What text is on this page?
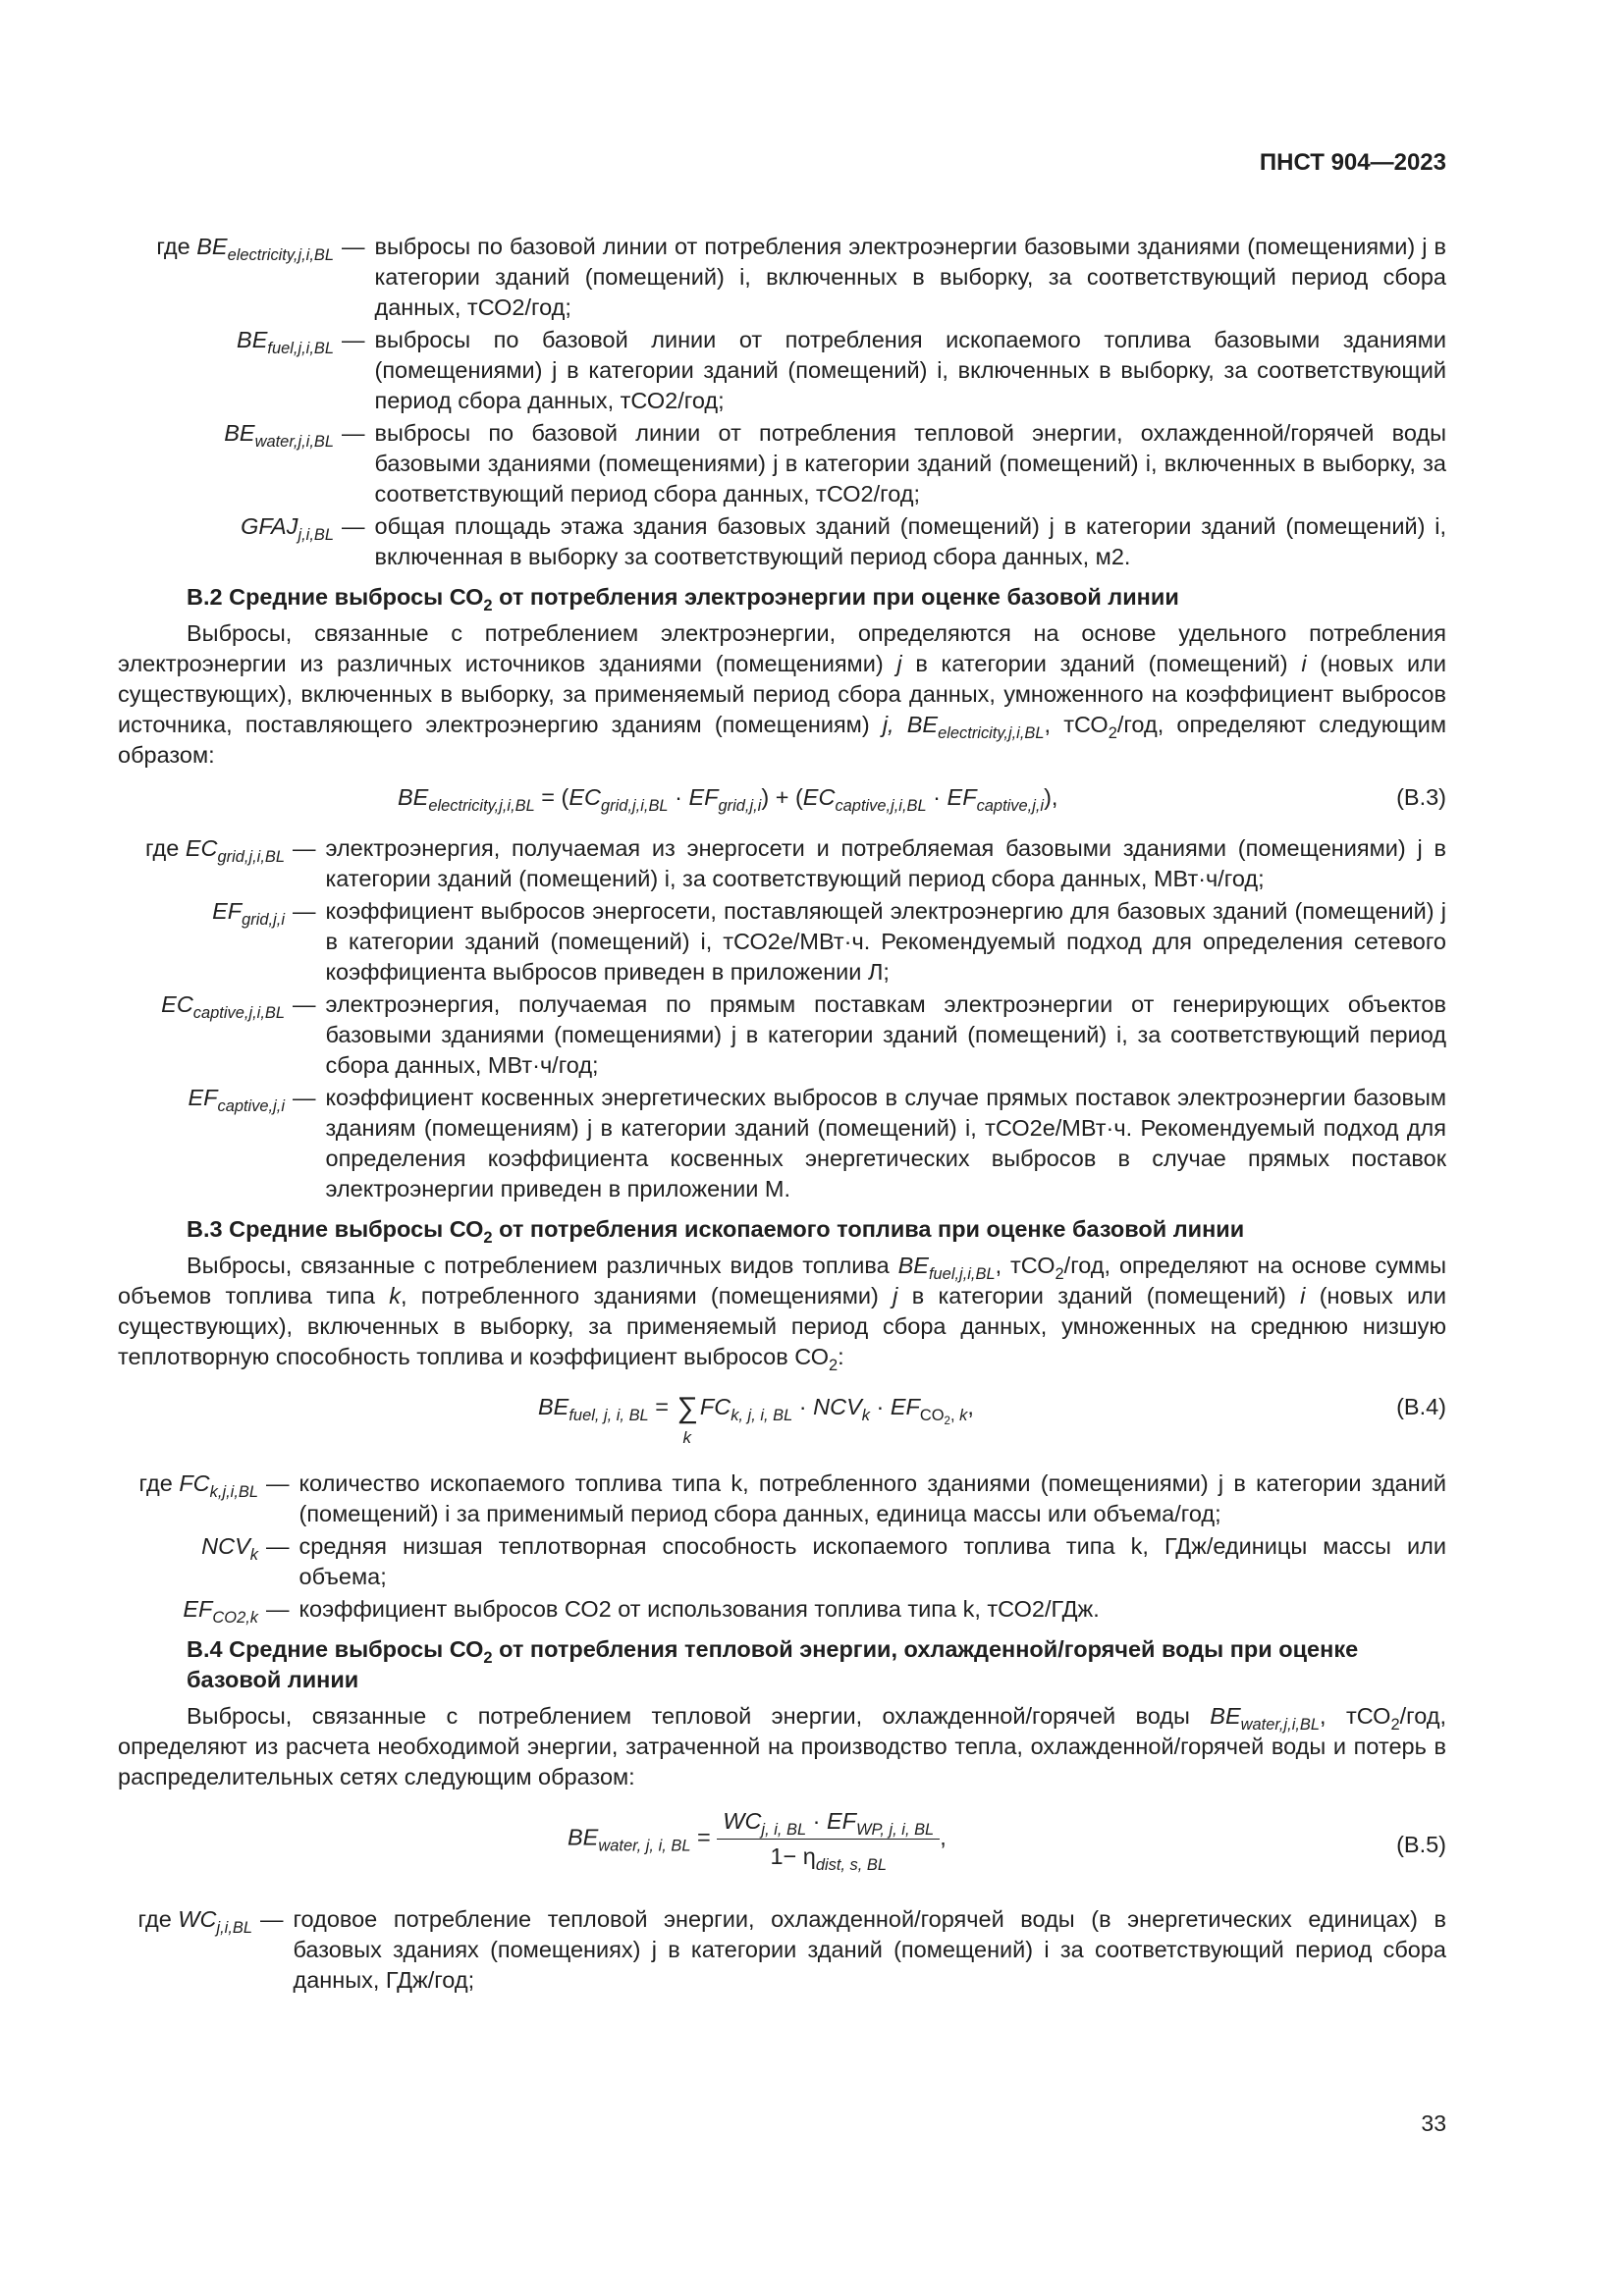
ПНСТ 904—2023
где $BE_{electricity,j,i,BL}$ — выбросы по базовой линии от потребления электроэнергии базовыми зданиями (помещениями) j в категории зданий (помещений) i, включенных в выборку, за соответствующий период сбора данных, тСО2/год;
$BE_{fuel,j,i,BL}$ — выбросы по базовой линии от потребления ископаемого топлива базовыми зданиями (помещениями) j в категории зданий (помещений) i, включенных в выборку, за соответствующий период сбора данных, тСО2/год;
$BE_{water,j,i,BL}$ — выбросы по базовой линии от потребления тепловой энергии, охлажденной/горячей воды базовыми зданиями (помещениями) j в категории зданий (помещений) i, включенных в выборку, за соответствующий период сбора данных, тСО2/год;
$GFAJ_{j,i,BL}$ — общая площадь этажа здания базовых зданий (помещений) j в категории зданий (помещений) i, включенная в выборку за соответствующий период сбора данных, м2.
В.2 Средние выбросы $СО_2$ от потребления электроэнергии при оценке базовой линии

Выбросы, связанные с потреблением электроэнергии, определяются на основе удельного потребления электроэнергии из различных источников зданиями (помещениями) j в категории зданий (помещений) i (новых или существующих), включенных в выборку, за применяемый период сбора данных, умноженного на коэффициент выбросов источника, поставляющего электроэнергию зданиям (помещениям) j, $BE_{electricity,j,i,BL}$, тСО$_2$/год, определяют следующим образом:

$BE_{electricity,j,i,BL} = (EC_{grid,j,i,BL} \cdot EF_{grid,j,i}) + (EC_{captive,j,i,BL} \cdot EF_{captive,j,i})$,	(В.3)
где $EC_{grid,j,i,BL}$ — электроэнергия, получаемая из энергосети и потребляемая базовыми зданиями (помещениями) j в категории зданий (помещений) i, за соответствующий период сбора данных, МВт·ч/год;
$EF_{grid,j,i}$ — коэффициент выбросов энергосети, поставляющей электроэнергию для базовых зданий (помещений) j в категории зданий (помещений) i, тСО2е/МВт·ч. Рекомендуемый подход для определения сетевого коэффициента выбросов приведен в приложении Л;
$EC_{captive,j,i,BL}$ — электроэнергия, получаемая по прямым поставкам электроэнергии от генерирующих объектов базовыми зданиями (помещениями) j в категории зданий (помещений) i, за соответствующий период сбора данных, МВт·ч/год;
$EF_{captive,j,i}$ — коэффициент косвенных энергетических выбросов в случае прямых поставок электроэнергии базовым зданиям (помещениям) j в категории зданий (помещений) i, тСО2е/МВт·ч. Рекомендуемый подход для определения коэффициента косвенных энергетических выбросов в случае прямых поставок электроэнергии приведен в приложении М.
В.3 Средние выбросы $СО_2$ от потребления ископаемого топлива при оценке базовой линии

Выбросы, связанные с потреблением различных видов топлива $BE_{fuel,j,i,BL}$, тСО$_2$/год, определяют на основе суммы объемов топлива типа k, потребленного зданиями (помещениями) j в категории зданий (помещений) i (новых или существующих), включенных в выборку, за применяемый период сбора данных, умноженных на среднюю низшую теплотворную способность топлива и коэффициент выбросов $СО_2$:

$BE_{fuel, j, i, BL}$ = ∑
k
$FC_{k, j, i, BL} \cdot NCV_k \cdot EF_{CO_2, k}$,	(В.4)
где $FC_{k,j,i,BL}$ — количество ископаемого топлива типа k, потребленного зданиями (помещениями) j в категории зданий (помещений) i за применимый период сбора данных, единица массы или объема/год;
$NCV_k$ — средняя низшая теплотворная способность ископаемого топлива типа k, ГДж/единицы массы или объема;
$EF_{CO2,k}$ — коэффициент выбросов СО2 от использования топлива типа k, тСО2/ГДж.
В.4 Средние выбросы $СО_2$ от потребления тепловой энергии, охлажденной/горячей воды при оценке базовой линии

Выбросы, связанные с потреблением тепловой энергии, охлажденной/горячей воды $BE_{water,j,i,BL}$, тСО$_2$/год, определяют из расчета необходимой энергии, затраченной на производство тепла, охлажденной/горячей воды и потерь в распределительных сетях следующим образом:

$BE_{water, j, i, BL} = \frac{WC_{j, i, BL} \cdot EF_{WP, j, i, BL}}{1- \eta_{dist, s, BL}}$ ,	(В.5)
где $WC_{j,i,BL}$ — годовое потребление тепловой энергии, охлажденной/горячей воды (в энергетических единицах) в базовых зданиях (помещениях) j в категории зданий (помещений) i за соответствующий период сбора данных, ГДж/год;
33
